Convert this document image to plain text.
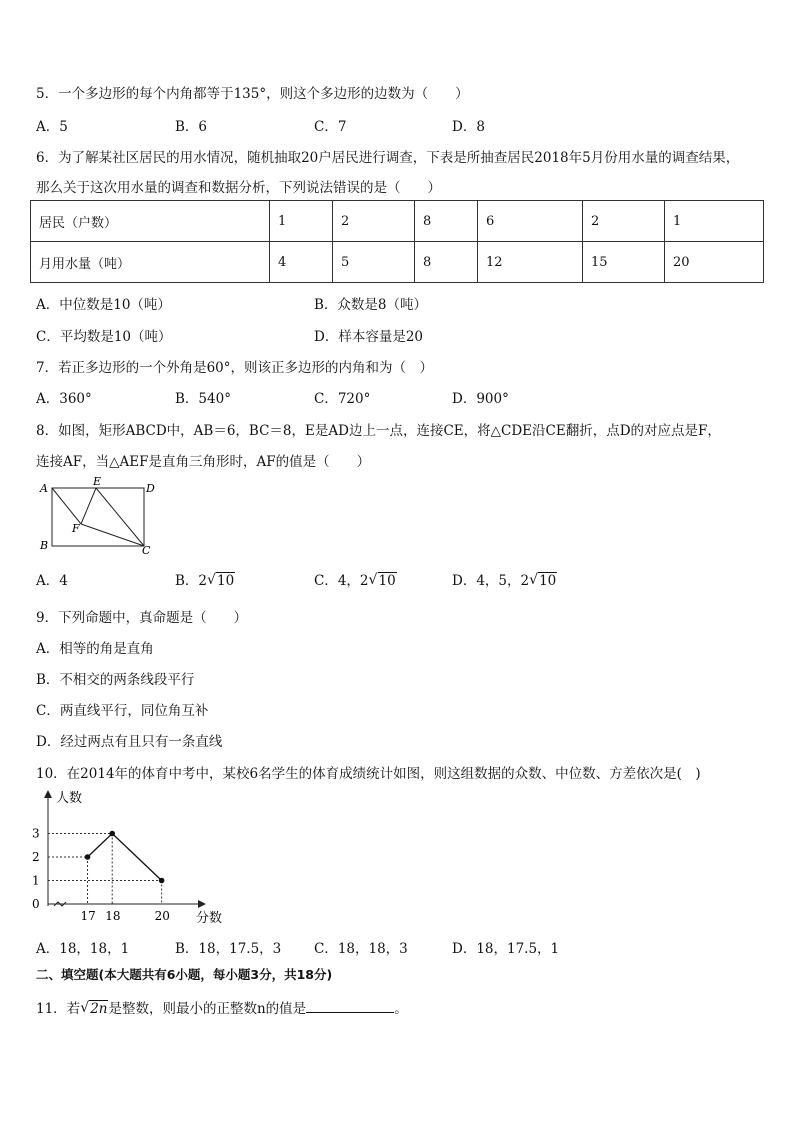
5．一个多边形的每个内角都等于135°，则这个多边形的边数为（　　）
A．5	B．6	C．7	D．8
6．为了解某社区居民的用水情况，随机抽取20户居民进行调查，下表是所抽查居民2018年5月份用水量的调查结果，
那么关于这次用水量的调查和数据分析，下列说法错误的是（　　）
居民（户数）	1	2	8	6	2	1
月用水量（吨）	4	5	8	12	15	20
A．中位数是10（吨）	B．众数是8（吨）
C．平均数是10（吨）	D．样本容量是20
7．若正多边形的一个外角是60°，则该正多边形的内角和为（　）
A．360°	B．540°	C．720°	D．900°
8．如图，矩形ABCD中，AB＝6，BC＝8，E是AD边上一点，连接CE，将△CDE沿CE翻折，点D的对应点是F，
连接AF，当△AEF是直角三角形时，AF的值是（　　）
A
B	C
D
E
F
A．4	B．2 √ 10	C．4，2 √ 10	D．4，5，2 √ 10
9．下列命题中，真命题是（　　）
A．相等的角是直角
B．不相交的两条线段平行
C．两直线平行，同位角互补
D．经过两点有且只有一条直线
10．在2014年的体育中考中，某校6名学生的体育成绩统计如图，则这组数据的众数、中位数、方差依次是(　)
人数
分数
0
1
2
3
17 18	20
A．18，18，1	B．18，17.5，3 C．18，18，3	D．18，17.5，1
二、填空题(本大题共有6小题，每小题3分，共18分)
11．若 √ 2n是整数，则最小的正整数n的值是	。
